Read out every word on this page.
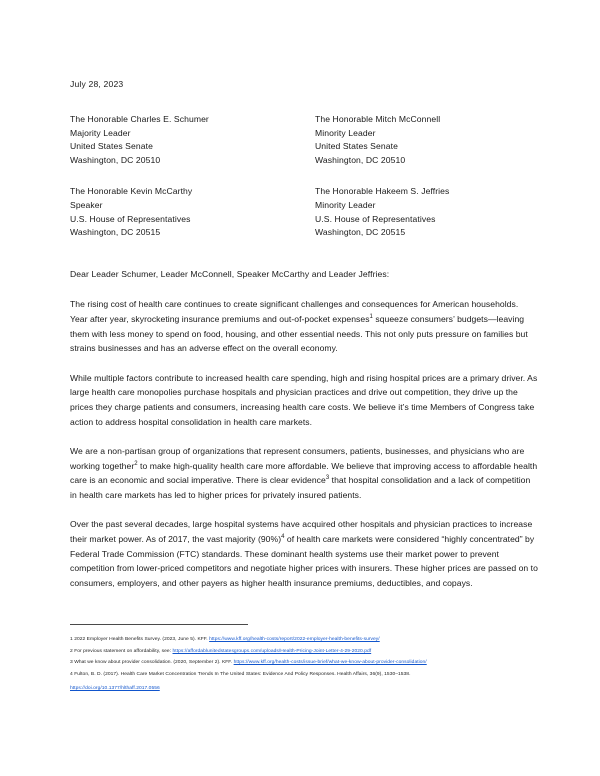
July 28, 2023
The Honorable Charles E. Schumer
Majority Leader
United States Senate
Washington, DC 20510
The Honorable Mitch McConnell
Minority Leader
United States Senate
Washington, DC 20510
The Honorable Kevin McCarthy
Speaker
U.S. House of Representatives
Washington, DC 20515
The Honorable Hakeem S. Jeffries
Minority Leader
U.S. House of Representatives
Washington, DC 20515
Dear Leader Schumer, Leader McConnell, Speaker McCarthy and Leader Jeffries:

The rising cost of health care continues to create significant challenges and consequences for American households. Year after year, skyrocketing insurance premiums and out-of-pocket expenses$^1$ squeeze consumers’ budgets—leaving them with less money to spend on food, housing, and other essential needs. This not only puts pressure on families but strains businesses and has an adverse effect on the overall economy.

While multiple factors contribute to increased health care spending, high and rising hospital prices are a primary driver. As large health care monopolies purchase hospitals and physician practices and drive out competition, they drive up the prices they charge patients and consumers, increasing health care costs. We believe it’s time Members of Congress take action to address hospital consolidation in health care markets.

We are a non-partisan group of organizations that represent consumers, patients, businesses, and physicians who are working together$^2$ to make high-quality health care more affordable. We believe that improving access to affordable health care is an economic and social imperative. There is clear evidence$^3$ that hospital consolidation and a lack of competition in health care markets has led to higher prices for privately insured patients.

Over the past several decades, large hospital systems have acquired other hospitals and physician practices to increase their market power. As of 2017, the vast majority $(90\%)^4$ of health care markets were considered “highly concentrated” by Federal Trade Commission (FTC) standards. These dominant health systems use their market power to prevent competition from lower-priced competitors and negotiate higher prices with insurers. These higher prices are passed on to consumers, employers, and other payers as higher health insurance premiums, deductibles, and copays.

1 2022 Employer Health Benefits Survey. (2023, June 5). KFF. https://www.kff.org/health-costs/report/2022-employer-health-benefits-survey/
2 For previous statement on affordability, see: https://affordablunitedstatesgroups.com/uploads/Health-Pricing-Joint-Letter-4-29-2020.pdf
3 What we know about provider consolidation. (2020, September 2). KFF. https://www.kff.org/health-costs/issue-brief/what-we-know-about-provider-consolidation/
4 Fulton, B. D. (2017). Health Care Market Concentration Trends In The United States: Evidence And Policy Responses. Health Affairs, 36(9), 1530–1538.
https://doi.org/10.1377/hlthaff.2017.0556
